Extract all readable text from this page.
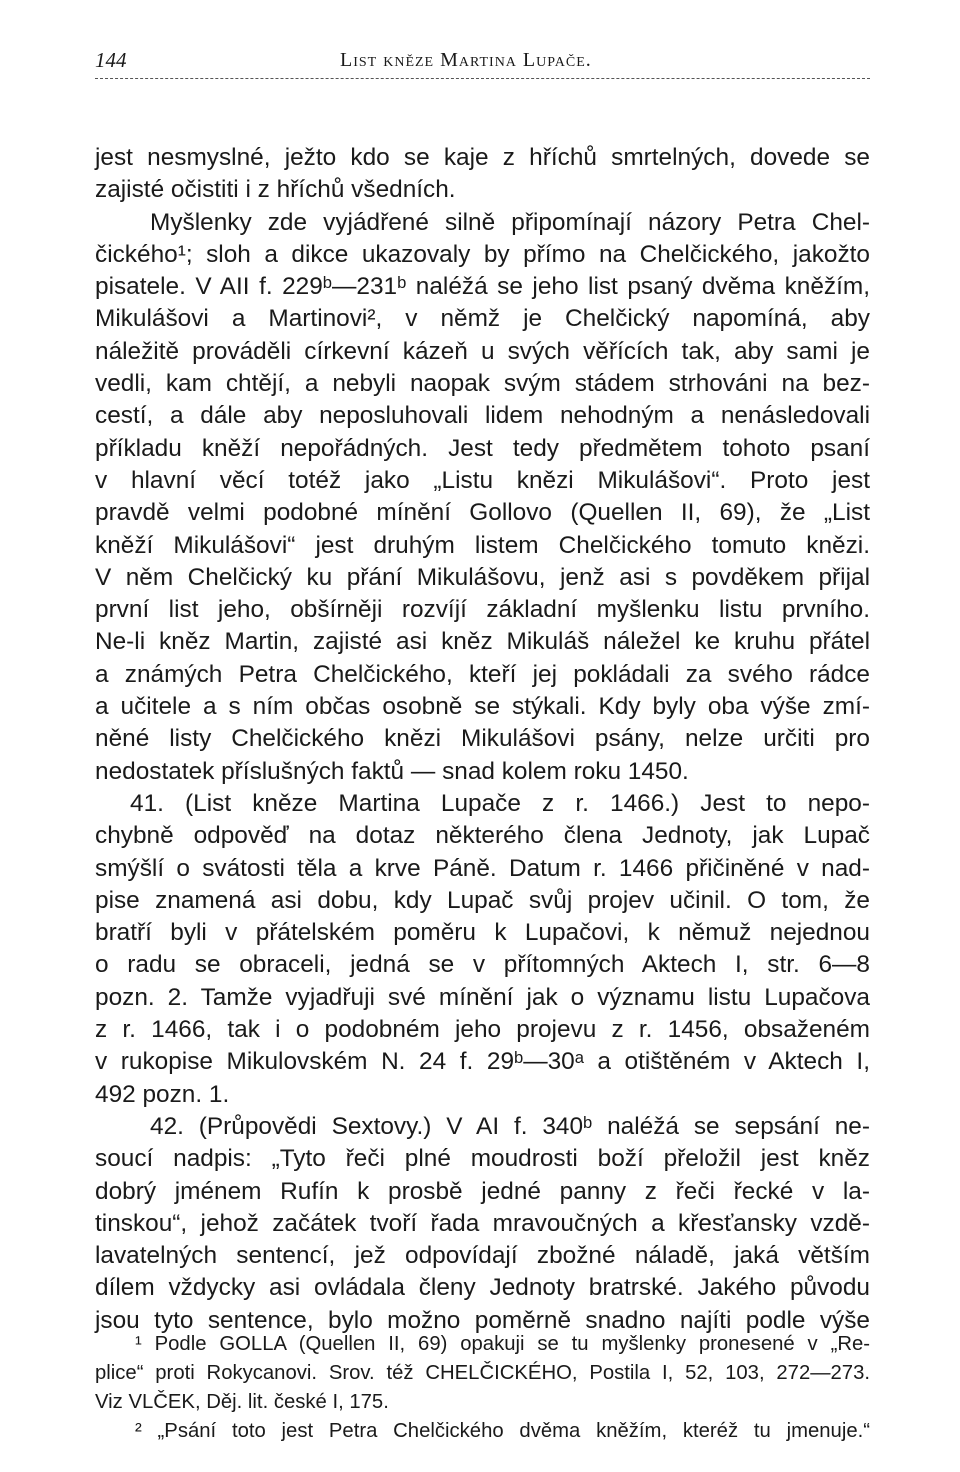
144	List kněze Martina Lupače.
jest nesmyslné, ježto kdo se kaje z hříchů smrtelných, dovede se
zajisté očistiti i z hříchů všedních.
Myšlenky zde vyjádřené silně připomínají názory Petra Chel-
čického¹; sloh a dikce ukazovaly by přímo na Chelčického, jakožto
pisatele. V AII f. 229ᵇ—231ᵇ naléžá se jeho list psaný dvěma kněžím,
Mikulášovi a Martinovi², v němž je Chelčický napomíná, aby
náležitě prováděli církevní kázeň u svých věřících tak, aby sami je
vedli, kam chtějí, a nebyli naopak svým stádem strhováni na bez-
cestí, a dále aby neposluhovali lidem nehodným a nenásledovali
příkladu kněží nepořádných. Jest tedy předmětem tohoto psaní
v hlavní věcí totéž jako „Listu knězi Mikulášovi“. Proto jest
pravdě velmi podobné mínění Gollovo (Quellen II, 69), že „List
kněží Mikulášovi“ jest druhým listem Chelčického tomuto knězi.
V něm Chelčický ku přání Mikulášovu, jenž asi s povděkem přijal
první list jeho, obšírněji rozvíjí základní myšlenku listu prvního.
Ne-li kněz Martin, zajisté asi kněz Mikuláš náležel ke kruhu přátel
a známých Petra Chelčického, kteří jej pokládali za svého rádce
a učitele a s ním občas osobně se stýkali. Kdy byly oba výše zmí-
něné listy Chelčického knězi Mikulášovi psány, nelze určiti pro
nedostatek příslušných faktů — snad kolem roku 1450.
41. (List kněze Martina Lupače z r. 1466.) Jest to nepo-
chybně odpověď na dotaz některého člena Jednoty, jak Lupač
smýšlí o svátosti těla a krve Páně. Datum r. 1466 přičiněné v nad-
pise znamená asi dobu, kdy Lupač svůj projev učinil. O tom, že
bratří byli v přátelském poměru k Lupačovi, k němuž nejednou
o radu se obraceli, jedná se v přítomných Aktech I, str. 6—8
pozn. 2. Tamže vyjadřuji své mínění jak o významu listu Lupačova
z r. 1466, tak i o podobném jeho projevu z r. 1456, obsaženém
v rukopise Mikulovském N. 24 f. 29ᵇ—30ᵃ a otištěném v Aktech I,
492 pozn. 1.
42. (Průpovědi Sextovy.) V AI f. 340ᵇ naléžá se sepsání ne-
soucí nadpis: „Tyto řeči plné moudrosti boží přeložil jest kněz
dobrý jménem Rufín k prosbě jedné panny z řeči řecké v la-
tinskou“, jehož začátek tvoří řada mravoučných a křesťansky vzdě-
lavatelných sentencí, jež odpovídají zbožné náladě, jaká větším
dílem vždycky asi ovládala členy Jednoty bratrské. Jakého původu
jsou tyto sentence, bylo možno poměrně snadno najíti podle výše
¹ Podle GOLLA (Quellen II, 69) opakuji se tu myšlenky pronesené v „Re-
plice“ proti Rokycanovi. Srov. též CHELČICKÉHO, Postila I, 52, 103, 272—273.
Viz VLČEK, Děj. lit. české I, 175.
² „Psání toto jest Petra Chelčického dvěma kněžím, kteréž tu jmenuje.“
